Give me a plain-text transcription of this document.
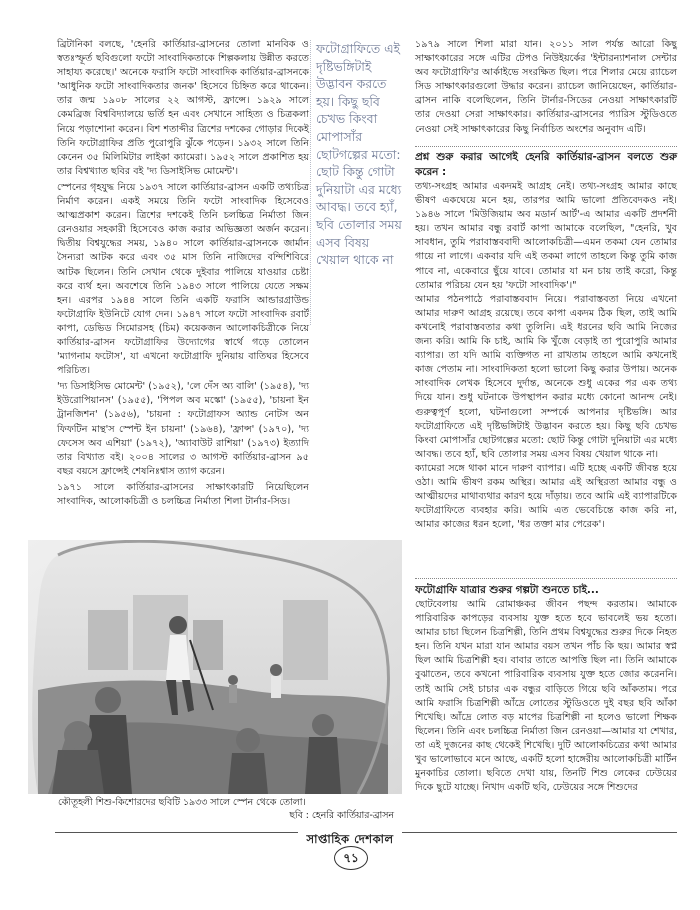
ব্রিটানিকা বলছে, 'হেনরি কার্তিয়ার-ব্রাসনের তোলা মানবিক ও স্বতঃস্ফূর্ত ছবিগুলো ফটো সাংবাদিকতাকে শিল্পকলায় উন্নীত করতে সাহায্য করেছে।' অনেকে ফরাসি ফটো সাংবাদিক কার্তিয়ার-ব্রাসনকে 'আধুনিক ফটো সাংবাদিকতার জনক' হিসেবে চিহ্নিত করে থাকেন। তার জন্ম ১৯০৮ সালের ২২ আগস্ট, ফ্রান্সে। ১৯২৯ সালে কেমব্রিজ বিশ্ববিদ্যালয়ে ভর্তি হন এবং সেখানে সাহিত্য ও চিত্রকলা নিয়ে পড়াশোনা করেন। বিশ শতাব্দীর ত্রিশের দশকের গোড়ার দিকেই তিনি ফটোগ্রাফির প্রতি পুরোপুরি ঝুঁকে পড়েন। ১৯৩২ সালে তিনি কেনেন ৩৫ মিলিমিটার লাইকা ক্যামেরা। ১৯৫২ সালে প্রকাশিত হয় তার বিশ্বখ্যাত ছবির বই 'দ্য ডিসাইসিভ মোমেন্ট'।

স্পেনের গৃহযুদ্ধ নিয়ে ১৯৩৭ সালে কার্তিয়ার-ব্রাসন একটি তথ্যচিত্র নির্মাণ করেন। একই সময়ে তিনি ফটো সাংবাদিক হিসেবেও আত্মপ্রকাশ করেন। ত্রিশের দশকেই তিনি চলচ্চিত্র নির্মাতা জিন রেনওয়ার সহকারী হিসেবেও কাজ করার অভিজ্ঞতা অর্জন করেন। দ্বিতীয় বিশ্বযুদ্ধের সময়, ১৯৪০ সালে কার্তিয়ার-ব্রাসনকে জার্মান সৈন্যরা আটক করে এবং ৩৫ মাস তিনি নাজিদের বন্দিশিবিরে আটক ছিলেন। তিনি সেখান থেকে দুইবার পালিয়ে যাওয়ার চেষ্টা করে ব্যর্থ হন। অবশেষে তিনি ১৯৪৩ সালে পালিয়ে যেতে সক্ষম হন। এরপর ১৯৪৪ সালে তিনি একটি ফরাসি আন্ডারগ্রাউন্ড ফটোগ্রাফি ইউনিটে যোগ দেন। ১৯৪৭ সালে ফটো সাংবাদিক রবার্ট কাপা, ডেভিড সিমোরসহ (চিম) কয়েকজন আলোকচিত্রীকে নিয়ে কার্তিয়ার-ব্রাসন ফটোগ্রাফির উদ্যোগের স্বার্থে গড়ে তোলেন 'ম্যাগনাম ফটোস', যা এখনো ফটোগ্রাফি দুনিয়ায় বাতিঘর হিসেবে পরিচিত।

'দ্য ডিসাইসিভ মোমেন্ট' (১৯৫২), 'লে দেঁস অ্য বালি' (১৯৫৪), 'দ্য ইউরোপিয়ানস' (১৯৫৫), 'পিপল অব মস্কো' (১৯৫৫), 'চায়না ইন ট্রানজিশন' (১৯৫৬), 'চায়না : ফটোগ্রাফস অ্যান্ড নোটস অন ফিফটিন মান্থ'স স্পেন্ট ইন চায়না' (১৯৬৪), 'ফ্রান্স' (১৯৭০), 'দ্য ফেসেস অব এশিয়া' (১৯৭২), 'অ্যাবাউট রাশিয়া' (১৯৭৩) ইত্যাদি তার বিখ্যাত বই। ২০০৪ সালের ৩ আগস্ট কার্তিয়ার-ব্রাসন ৯৫ বছর বয়সে ফ্রান্সেই শেষনিঃশ্বাস ত্যাগ করেন।

১৯৭১ সালে কার্তিয়ার-ব্রাসনের সাক্ষাৎকারটি নিয়েছিলেন সাংবাদিক, আলোকচিত্রী ও চলচ্চিত্র নির্মাতা শিলা টার্নার-সিড।

ফটোগ্রাফিতে এই দৃষ্টিভঙ্গিটাই উদ্ভাবন করতে হয়। কিছু ছবি চেখভ কিংবা মোপাসাঁর ছোটগল্পের মতো: ছোট কিন্তু গোটা দুনিয়াটা এর মধ্যে আবদ্ধ। তবে হ্যাঁ, ছবি তোলার সময় এসব বিষয় খেয়াল থাকে না

১৯৭৯ সালে শিলা মারা যান। ২০১১ সাল পর্যন্ত আরো কিছু সাক্ষাৎকারের সঙ্গে এটির টেপও নিউইয়র্কের 'ইন্টারন্যাশনাল সেন্টার অব ফটোগ্রাফি'র আর্কাইভে সংরক্ষিত ছিল। পরে শিলার মেয়ে র‍্যাচেল সিড সাক্ষাৎকারগুলো উদ্ধার করেন। র‍্যাচেল জানিয়েছেন, কার্তিয়ার-ব্রাসন নাকি বলেছিলেন, তিনি টার্নার-সিডের নেওয়া সাক্ষাৎকারটি তার দেওয়া সেরা সাক্ষাৎকার। কার্তিয়ার-ব্রাসনের প্যারিস স্টুডিওতে নেওয়া সেই সাক্ষাৎকারের কিছু নির্বাচিত অংশের অনুবাদ এটি।

প্রশ্ন শুরু করার আগেই হেনরি কার্তিয়ার-ব্রাসন বলতে শুরু করেন :

তথ্য-সংগ্রহ আমার একদমই আগ্রহ নেই। তথ্য-সংগ্রহ আমার কাছে ভীষণ একঘেয়ে মনে হয়, তারপর আমি ভালো প্রতিবেদকও নই। ১৯৪৬ সালে 'মিউজিয়াম অব মডার্ন আর্ট'-এ আমার একটি প্রদর্শনী হয়। তখন আমার বন্ধু রবার্ট কাপা আমাকে বলেছিল, "হেনরি, খুব সাবধান, তুমি পরাবাস্তববাদী আলোকচিত্রী—এমন তকমা যেন তোমার গায়ে না লাগে। একবার যদি এই তকমা লাগে তাহলে কিন্তু তুমি কাজ পাবে না, একেবারে ছুঁয়ে যাবে। তোমার যা মন চায় তাই করো, কিন্তু তোমার পরিচয় যেন হয় 'ফটো সাংবাদিক'।"

আমার পঠনপাঠে পরাবাস্তববাদ নিয়ে। পরাবাস্তবতা নিয়ে এখনো আমার দারুণ আগ্রহ রয়েছে। তবে কাপা একদম ঠিক ছিল, তাই আমি কখনোই পরাবাস্তবতার কথা তুলিনি। এই ধরনের ছবি আমি নিজের জন্য করি। আমি কি চাই, আমি কি খুঁজে বেড়াই তা পুরোপুরি আমার ব্যাপার। তা যদি আমি ব্যক্তিগত না রাখতাম তাহলে আমি কখনোই কাজ পেতাম না। সাংবাদিকতা হলো ভালো কিছু করার উপায়। অনেক সাংবাদিক লেখক হিসেবে দুর্দান্ত, অনেকে শুধু একের পর এক তথ্য দিয়ে যান। শুধু ঘটনাকে উপস্থাপন করার মধ্যে কোনো আনন্দ নেই। গুরুত্বপূর্ণ হলো, ঘটনাগুলো সম্পর্কে আপনার দৃষ্টিভঙ্গি। আর ফটোগ্রাফিতে এই দৃষ্টিভঙ্গিটাই উদ্ভাবন করতে হয়। কিছু ছবি চেখভ কিংবা মোপাসাঁর ছোটগল্পের মতো: ছোট কিন্তু গোটা দুনিয়াটা এর মধ্যে আবদ্ধ। তবে হ্যাঁ, ছবি তোলার সময় এসব বিষয় খেয়াল থাকে না।

ক্যামেরা সঙ্গে থাকা মানে দারুণ ব্যাপার। এটি হচ্ছে একটি জীবন্ত হয়ে ওঠা। আমি ভীষণ রকম অস্থির। আমার এই অস্থিরতা আমার বন্ধু ও আত্মীয়দের মাথাব্যথার কারণ হয়ে দাঁড়ায়। তবে আমি এই ব্যাপারটিকে ফটোগ্রাফিতে ব্যবহার করি। আমি এত ভেবেচিন্তে কাজ করি না, আমার কাজের ধরন হলো, 'ধর তক্তা মার পেরেক'।

ফটোগ্রাফি যাত্রার শুরুর গল্পটা শুনতে চাই...

ছোটবেলায় আমি রোমাঞ্চকর জীবন পছন্দ করতাম। আমাকে পারিবারিক কাপড়ের ব্যবসায় যুক্ত হতে হবে ভাবলেই ভয় হতো। আমার চাচা ছিলেন চিত্রশিল্পী, তিনি প্রথম বিশ্বযুদ্ধের শুরুর দিকে নিহত হন। তিনি যখন মারা যান আমার বয়স তখন পাঁচ কি ছয়। আমার স্বপ্ন ছিল আমি চিত্রশিল্পী হব। বাবার তাতে আপত্তি ছিল না। তিনি আমাকে বুঝাতেন, তবে কখনো পারিবারিক ব্যবসায় যুক্ত হতে জোর করেননি। তাই আমি সেই চাচার এক বন্ধুর বাড়িতে গিয়ে ছবি আঁকতাম। পরে আমি ফরাসি চিত্রশিল্পী আঁদ্রে লোতের স্টুডিওতে দুই বছর ছবি আঁকা শিখেছি। আঁদ্রে লোত বড় মাপের চিত্রশিল্পী না হলেও ভালো শিক্ষক ছিলেন। তিনি এবং চলচ্চিত্র নির্মাতা জিন রেনওয়া—আমার যা শেখার, তা এই দুজনের কাছ থেকেই শিখেছি। দুটি আলোকচিত্রের কথা আমার খুব ভালোভাবে মনে আছে, একটি হলো হাঙ্গেরীয় আলোকচিত্রী মার্টিন মুনকাচির তোলা। ছবিতে দেখা যায়, তিনটি শিশু লেকের ঢেউয়ের দিকে ছুটে যাচ্ছে। নিখাদ একটি ছবি, ঢেউয়ের সঙ্গে শিশুদের

কৌতূহলী শিশু-কিশোরদের ছবিটি ১৯৩৩ সালে স্পেন থেকে তোলা।
ছবি : হেনরি কার্তিয়ার-ব্রাসন
সাপ্তাহিক দেশকাল
৭১
